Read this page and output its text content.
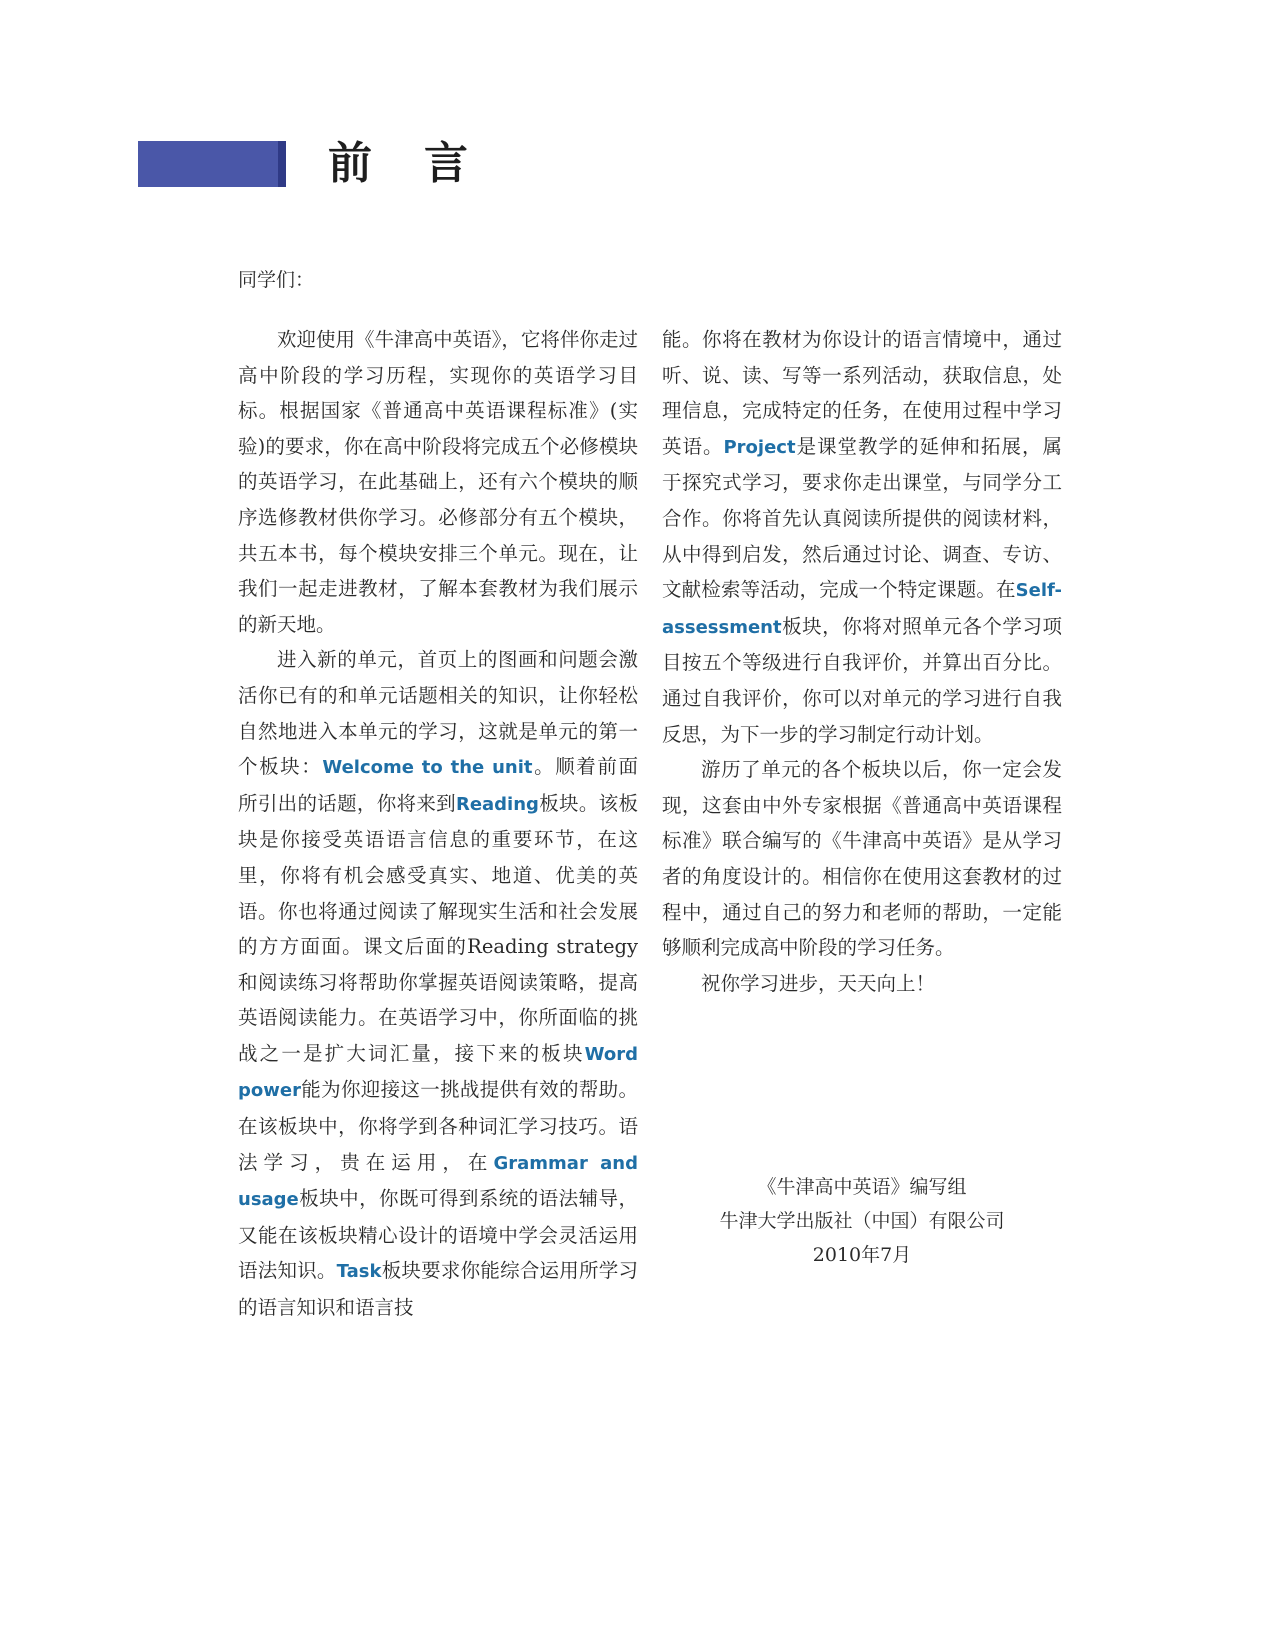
前言
同学们：

欢迎使用《牛津高中英语》，它将伴你走过高中阶段的学习历程，实现你的英语学习目标。根据国家《普通高中英语课程标准》(实验)的要求，你在高中阶段将完成五个必修模块的英语学习，在此基础上，还有六个模块的顺序选修教材供你学习。必修部分有五个模块，共五本书，每个模块安排三个单元。现在，让我们一起走进教材，了解本套教材为我们展示的新天地。

进入新的单元，首页上的图画和问题会激活你已有的和单元话题相关的知识，让你轻松自然地进入本单元的学习，这就是单元的第一个板块：Welcome to the unit。顺着前面所引出的话题，你将来到Reading板块。该板块是你接受英语语言信息的重要环节，在这里，你将有机会感受真实、地道、优美的英语。你也将通过阅读了解现实生活和社会发展的方方面面。课文后面的Reading strategy和阅读练习将帮助你掌握英语阅读策略，提高英语阅读能力。在英语学习中，你所面临的挑战之一是扩大词汇量，接下来的板块Word power能为你迎接这一挑战提供有效的帮助。在该板块中，你将学到各种词汇学习技巧。语法学习，贵在运用，在Grammar and usage板块中，你既可得到系统的语法辅导，又能在该板块精心设计的语境中学会灵活运用语法知识。Task板块要求你能综合运用所学习的语言知识和语言技

能。你将在教材为你设计的语言情境中，通过听、说、读、写等一系列活动，获取信息，处理信息，完成特定的任务，在使用过程中学习英语。Project是课堂教学的延伸和拓展，属于探究式学习，要求你走出课堂，与同学分工合作。你将首先认真阅读所提供的阅读材料，从中得到启发，然后通过讨论、调查、专访、文献检索等活动，完成一个特定课题。在Self-assessment板块，你将对照单元各个学习项目按五个等级进行自我评价，并算出百分比。通过自我评价，你可以对单元的学习进行自我反思，为下一步的学习制定行动计划。

游历了单元的各个板块以后，你一定会发现，这套由中外专家根据《普通高中英语课程标准》联合编写的《牛津高中英语》是从学习者的角度设计的。相信你在使用这套教材的过程中，通过自己的努力和老师的帮助，一定能够顺利完成高中阶段的学习任务。

祝你学习进步，天天向上！

《牛津高中英语》编写组
牛津大学出版社（中国）有限公司
2010年7月
